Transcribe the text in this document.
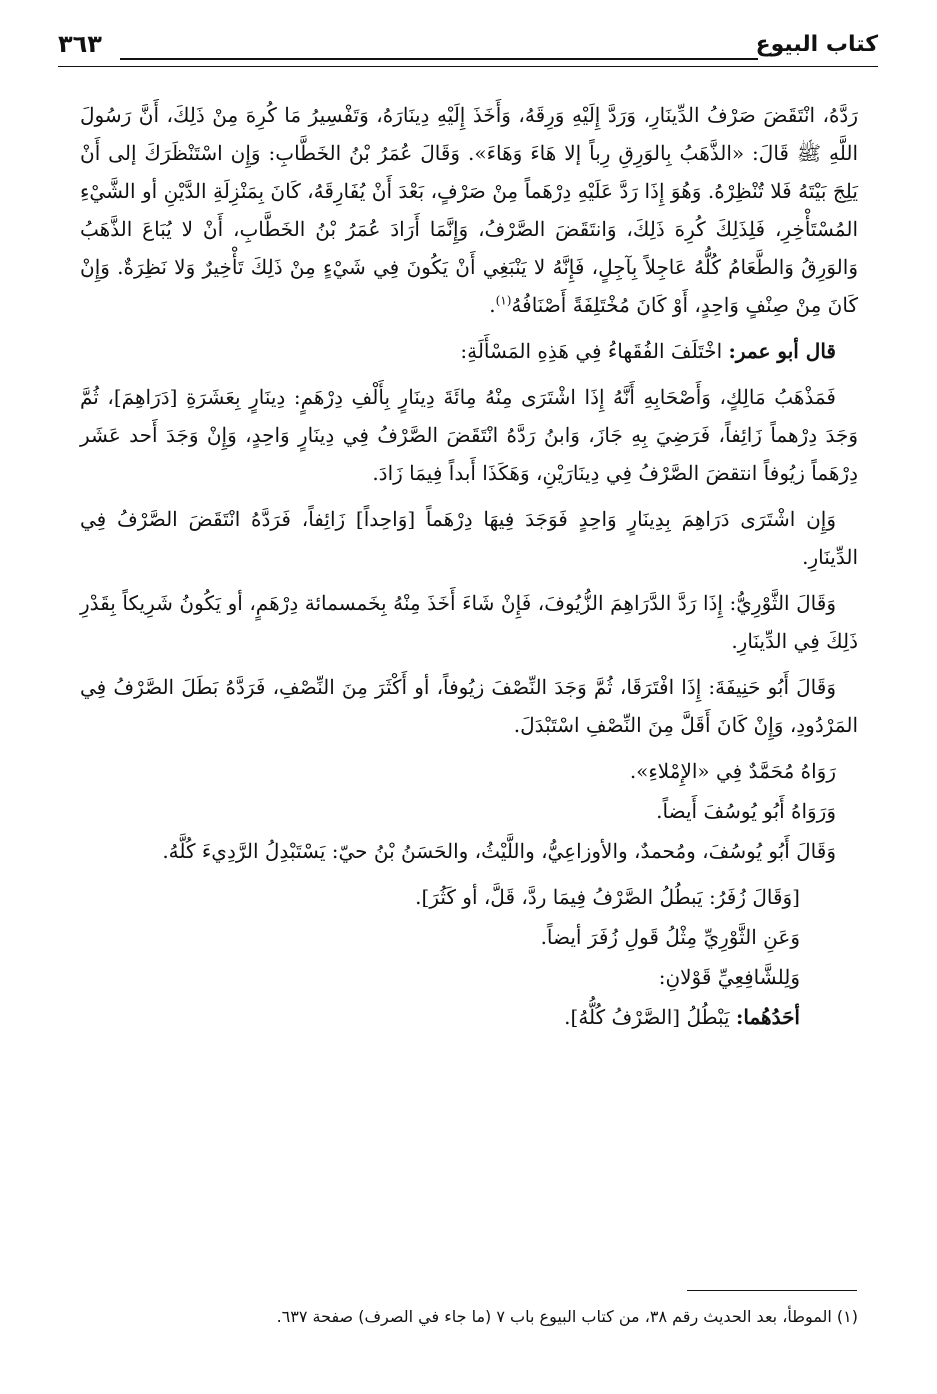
كتاب البيوع
٣٦٣

رَدَّهُ، انْتَقَضَ صَرْفُ الدِّينَارِ، وَرَدَّ إِلَيْهِ وَرِقَهُ، وَأَخَذَ إِلَيْهِ دِينَارَهُ، وَتَفْسِيرُ مَا كُرِهَ مِنْ ذَلِكَ، أَنَّ رَسُولَ اللَّهِ ﷺ قَالَ: «الذَّهَبُ بِالوَرِقِ رِباً إلا هَاءَ وَهَاءَ». وَقَالَ عُمَرُ بْنُ الخَطَّابِ: وَإِن اسْتَنْظَرَكَ إلى أَنْ يَلِجَ بَيْتَهُ فَلا تُنْظِرْهُ. وَهُوَ إِذَا رَدَّ عَلَيْهِ دِرْهَماً مِنْ صَرْفٍ، بَعْدَ أَنْ يُفَارِقَهُ، كَانَ بِمَنْزِلَةِ الدَّيْنِ أو الشَّيْءِ المُسْتَأْخِرِ، فَلِذَلِكَ كُرِهَ ذَلِكَ، وَانتَقَضَ الصَّرْفُ، وَإِنَّمَا أَرَادَ عُمَرُ بْنُ الخَطَّابِ، أَنْ لا يُبَاعَ الذَّهَبُ وَالوَرِقُ وَالطَّعَامُ كُلُّهُ عَاجِلاً بِآجِلٍ، فَإِنَّهُ لا يَنْبَغِي أَنْ يَكُونَ فِي شَيْءٍ مِنْ ذَلِكَ تَأْخِيرٌ وَلا نَظِرَةٌ. وَإِنْ كَانَ مِنْ صِنْفٍ وَاحِدٍ، أَوْ كَانَ مُخْتَلِفَةً أَصْنَافُهُ$^{(١)}$.

قال أبو عمر: اخْتَلَفَ الفُقَهاءُ فِي هَذِهِ المَسْأَلَةِ:

فَمَذْهَبُ مَالِكٍ، وَأَصْحَابِهِ أَنَّهُ إِذَا اشْتَرَى مِنْهُ مِائَةَ دِينَارٍ بِأَلْفِ دِرْهَمٍ: دِينَارٍ بِعَشَرَةِ [دَرَاهِمَ]، ثُمَّ وَجَدَ دِرْهماً زَائِفاً، فَرَضِيَ بِهِ جَازَ، وَابنُ رَدَّهُ انْتَقَضَ الصَّرْفُ فِي دِينَارٍ وَاحِدٍ، وَإِنْ وَجَدَ أَحد عَشَر دِرْهَماً زيُوفاً انتقضَ الصَّرْفُ فِي دِينَارَيْنِ، وَهَكَذَا أَبداً فِيمَا زَادَ.

وَإِن اشْتَرَى دَرَاهِمَ بِدِينَارٍ وَاحِدٍ فَوَجَدَ فِيهَا دِرْهَماً [وَاحِداً] زَائِفاً، فَرَدَّهُ انْتَقَضَ الصَّرْفُ فِي الدِّينَارِ.

وَقَالَ الثَّوْرِيُّ: إِذَا رَدَّ الدَّرَاهِمَ الزُّيُوفَ، فَإِنْ شَاءَ أَخَذَ مِنْهُ بِخَمسمائة دِرْهَمٍ، أو يَكُونُ شَرِيكاً بِقَدْرِ ذَلِكَ فِي الدِّينَارِ.

وَقَالَ أَبُو حَنِيفَةَ: إِذَا افْتَرَقَا، ثُمَّ وَجَدَ النِّصْفَ زيُوفاً، أو أَكْثَرَ مِنَ النِّصْفِ، فَرَدَّهُ بَطَلَ الصَّرْفُ فِي المَرْدُودِ، وَإِنْ كَانَ أَقَلَّ مِنَ النِّصْفِ اسْتَبْدَلَ.

رَوَاهُ مُحَمَّدٌ فِي «الإِمْلاءِ».

وَرَوَاهُ أَبُو يُوسُفَ أَيضاً.

وَقَالَ أَبُو يُوسُفَ، ومُحمدٌ، والأوزاعِيُّ، واللَّيْثُ، والحَسَنُ بْنُ حيّ: يَسْتَبْدِلُ الرَّدِيءَ كُلَّهُ.

[وَقَالَ زُفَرُ: يَبطُلُ الصَّرْفُ فِيمَا ردَّ، قَلَّ، أو كَثُرَ].

وَعَنِ الثَّوْرِيِّ مِثْلُ قَولِ زُفَرَ أيضاً.

وَلِلشَّافِعِيِّ قَوْلانِ:

أحَدُهُما: يَبْطُلُ [الصَّرْفُ كُلُّهُ].

(١) الموطأ، بعد الحديث رقم ٣٨، من كتاب البيوع باب ٧ (ما جاء في الصرف) صفحة ٦٣٧.
